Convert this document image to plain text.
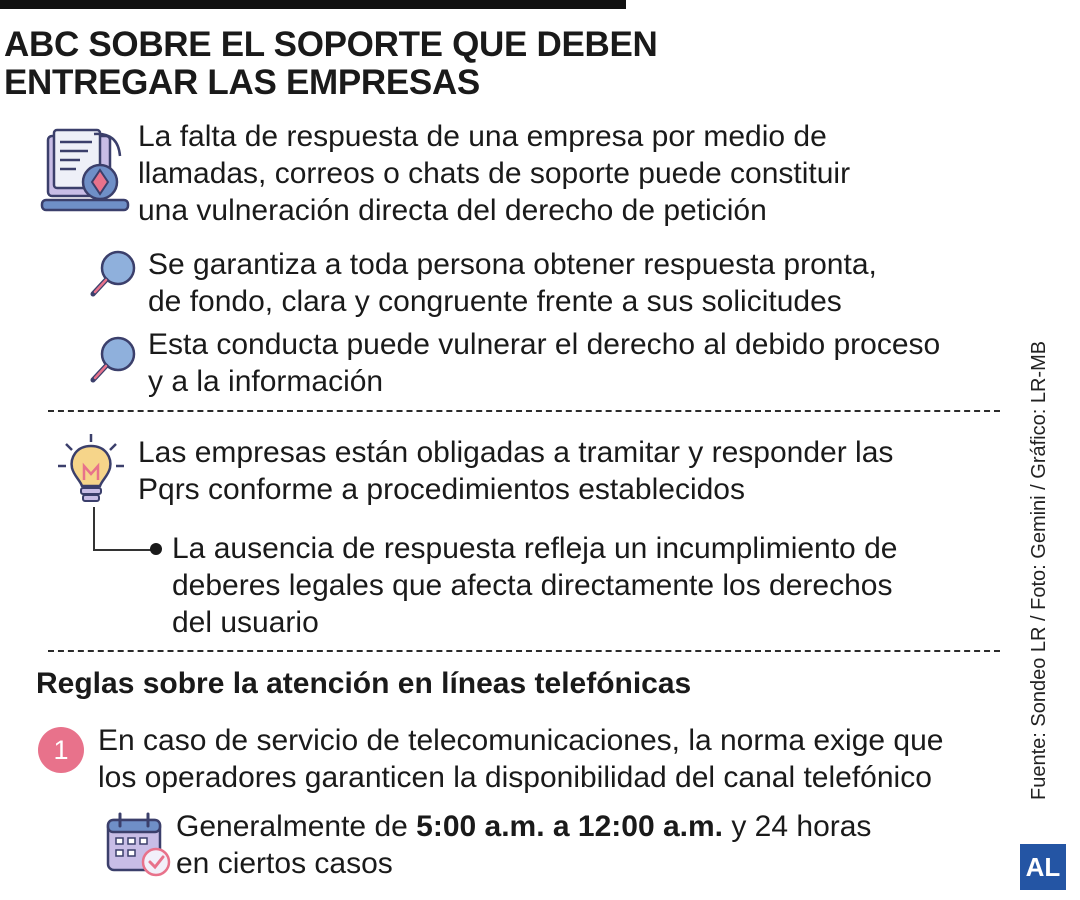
ABC SOBRE EL SOPORTE QUE DEBEN
ENTREGAR LAS EMPRESAS
La falta de respuesta de una empresa por medio de
llamadas, correos o chats de soporte puede constituir
una vulneración directa del derecho de petición
Se garantiza a toda persona obtener respuesta pronta,
de fondo, clara y congruente frente a sus solicitudes
Esta conducta puede vulnerar el derecho al debido proceso
y a la información
Las empresas están obligadas a tramitar y responder las
Pqrs conforme a procedimientos establecidos
La ausencia de respuesta refleja un incumplimiento de
deberes legales que afecta directamente los derechos
del usuario
Reglas sobre la atención en líneas telefónicas
1 En caso de servicio de telecomunicaciones, la norma exige que
los operadores garanticen la disponibilidad del canal telefónico
Generalmente de 5:00 a.m. a 12:00 a.m. y 24 horas
en ciertos casos
Fuente: Sondeo LR / Foto: Gemini / Gráfico: LR-MB
AL
